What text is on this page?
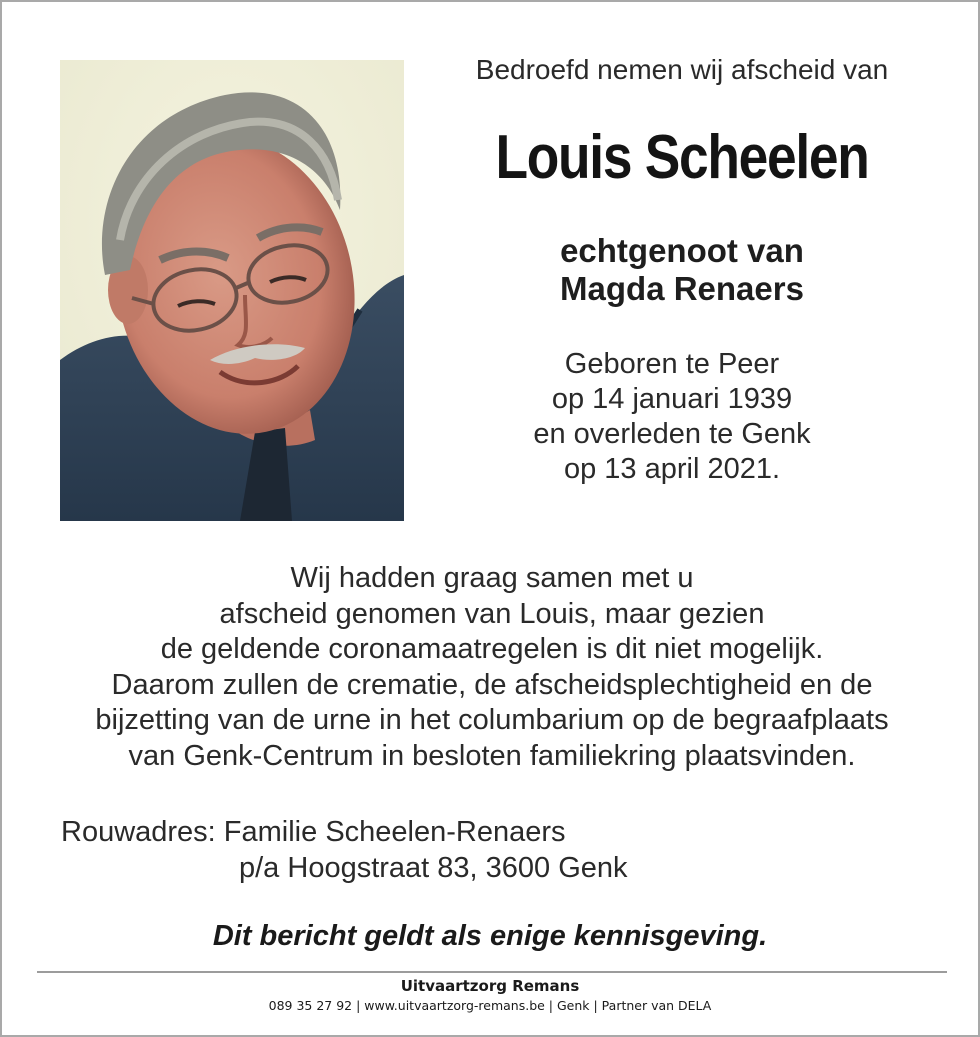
Bedroefd nemen wij afscheid van
Louis Scheelen
echtgenoot van
Magda Renaers
Geboren te Peer
op 14 januari 1939
en overleden te Genk
op 13 april 2021.
Wij hadden graag samen met u
afscheid genomen van Louis, maar gezien
de geldende coronamaatregelen is dit niet mogelijk.
Daarom zullen de crematie, de afscheidsplechtigheid en de
bijzetting van de urne in het columbarium op de begraafplaats
van Genk-Centrum in besloten familiekring plaatsvinden.
Rouwadres: Familie Scheelen-Renaers
p/a Hoogstraat 83, 3600 Genk
Dit bericht geldt als enige kennisgeving.
Uitvaartzorg Remans
089 35 27 92 | www.uitvaartzorg-remans.be | Genk | Partner van DELA
